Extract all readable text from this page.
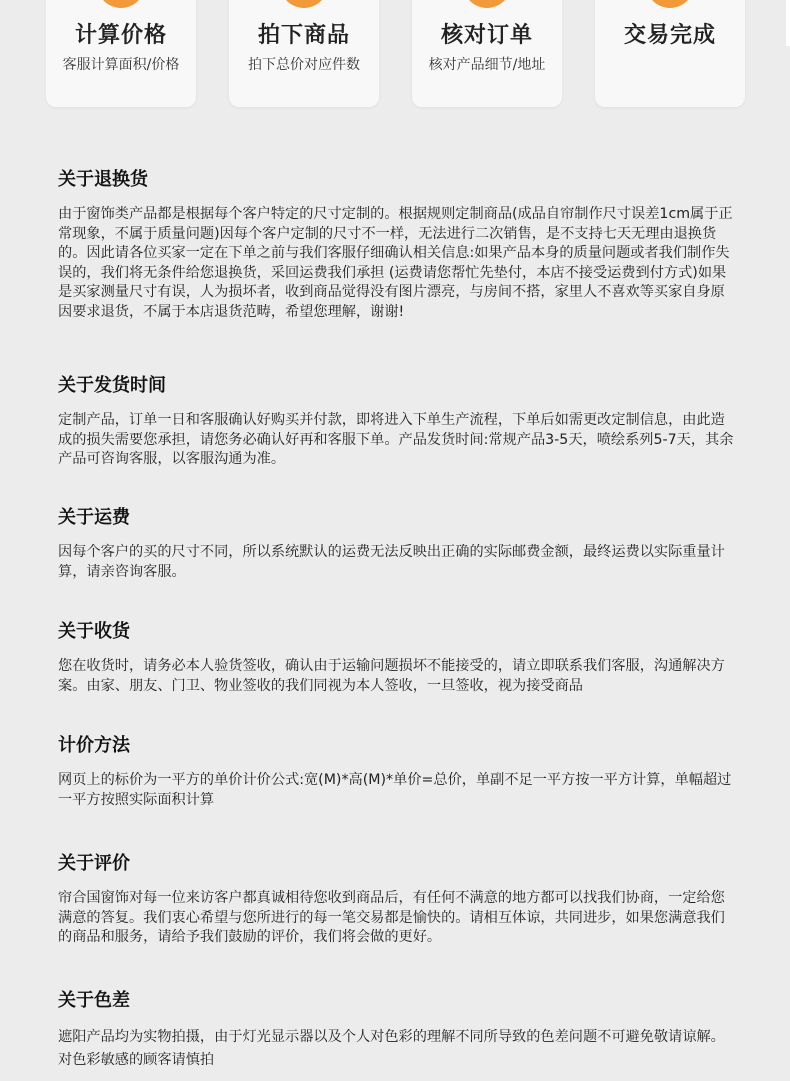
计算价格
客服计算面积/价格
拍下商品
拍下总价对应件数
核对订单
核对产品细节/地址
交易完成
关于退换货

由于窗饰类产品都是根据每个客户特定的尺寸定制的。根据规则定制商品(成品自帘制作尺寸误差1cm属于正常现象，不属于质量问题)因每个客户定制的尺寸不一样，无法进行二次销售，是不支持七天无理由退换货的。因此请各位买家一定在下单之前与我们客服仔细确认相关信息:如果产品本身的质量问题或者我们制作失误的，我们将无条件给您退换货，采回运费我们承担 (运费请您帮忙先垫付，本店不接受运费到付方式)如果是买家测量尺寸有误，人为损坏者，收到商品觉得没有图片漂亮，与房间不搭，家里人不喜欢等买家自身原因要求退货，不属于本店退货范畴，希望您理解，谢谢!

关于发货时间

定制产品，订单一日和客服确认好购买并付款，即将进入下单生产流程，下单后如需更改定制信息，由此造成的损失需要您承担，请您务必确认好再和客服下单。产品发货时间:常规产品3-5天，喷绘系列5-7天，其余产品可咨询客服，以客服沟通为准。

关于运费

因每个客户的买的尺寸不同，所以系统默认的运费无法反映出正确的实际邮费金额，最终运费以实际重量计算，请亲咨询客服。

关于收货

您在收货时，请务必本人验货签收，确认由于运输问题损坏不能接受的，请立即联系我们客服，沟通解决方案。由家、朋友、门卫、物业签收的我们同视为本人签收，一旦签收，视为接受商品

计价方法

网页上的标价为一平方的单价计价公式:宽(M)*高(M)*单价=总价，单副不足一平方按一平方计算，单幅超过一平方按照实际面积计算

关于评价

帘合国窗饰对每一位来访客户都真诚相待您收到商品后，有任何不满意的地方都可以找我们协商，一定给您满意的答复。我们衷心希望与您所进行的每一笔交易都是愉快的。请相互体谅，共同进步，如果您满意我们的商品和服务，请给予我们鼓励的评价，我们将会做的更好。

关于色差

遮阳产品均为实物拍摄，由于灯光显示器以及个人对色彩的理解不同所导致的色差问题不可避免敬请谅解。对色彩敏感的顾客请慎拍
